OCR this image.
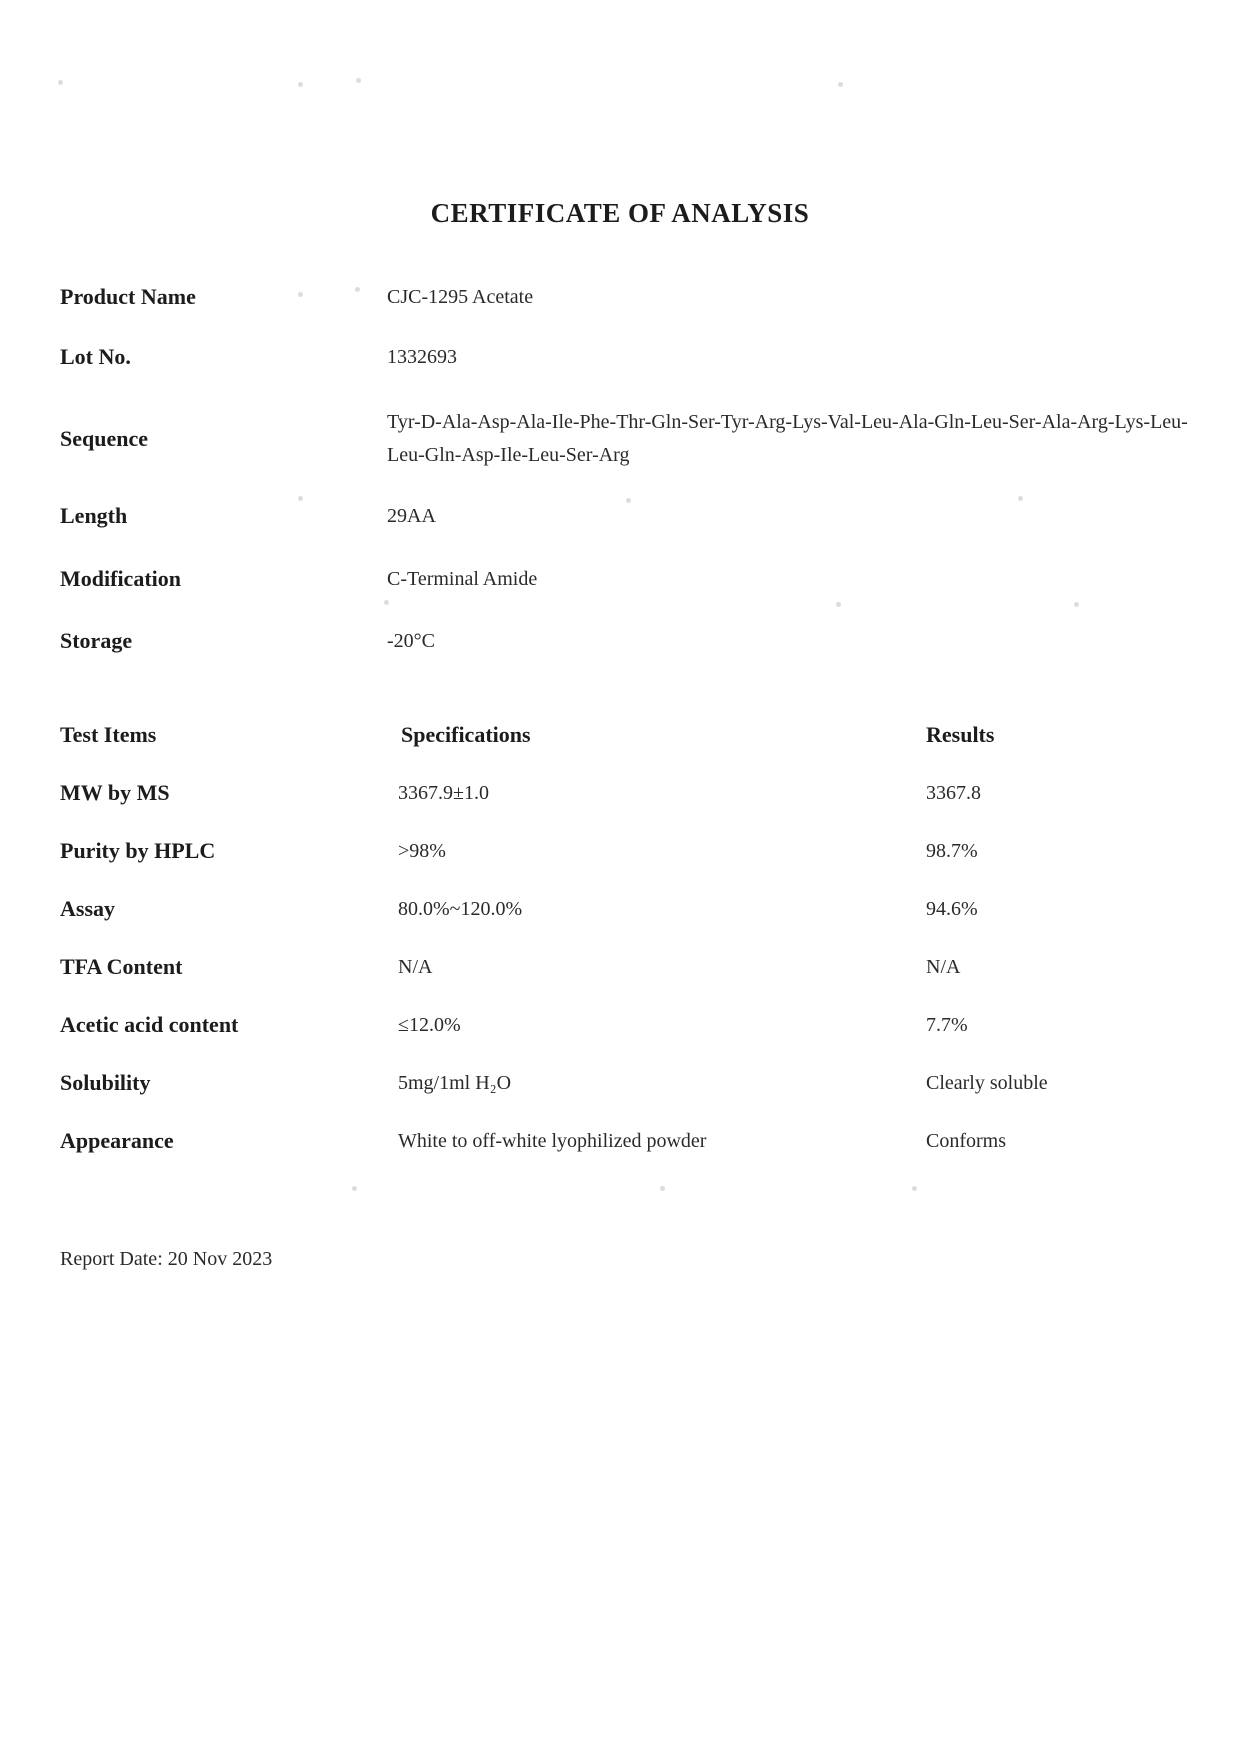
CERTIFICATE OF ANALYSIS
Product Name	CJC-1295 Acetate
Lot No.	1332693
Sequence
Tyr-D-Ala-Asp-Ala-Ile-Phe-Thr-Gln-Ser-Tyr-Arg-Lys-Val-Leu-Ala-Gln-Leu-Ser-Ala-Arg-Lys-Leu-Leu-Gln-Asp-Ile-Leu-Ser-Arg
Length	29AA
Modification	C-Terminal Amide
Storage	-20°C
Test Items	Specifications	Results
MW by MS	3367.9±1.0	3367.8
Purity by HPLC	>98%	98.7%
Assay	80.0%~120.0%	94.6%
TFA Content	N/A	N/A
Acetic acid content	≤12.0%	7.7%
Solubility	5mg/1ml H₂O	Clearly soluble
Appearance	White to off-white lyophilized powder	Conforms
Report Date: 20 Nov 2023
